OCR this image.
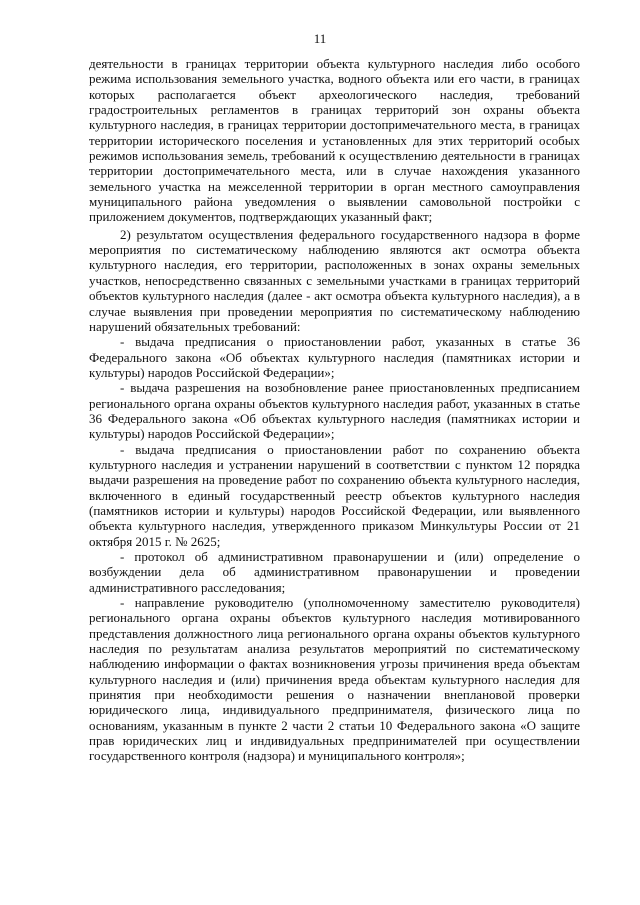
11

деятельности в границах территории объекта культурного наследия либо особого режима использования земельного участка, водного объекта или его части, в границах которых располагается объект археологического наследия, требований градостроительных регламентов в границах территорий зон охраны объекта культурного наследия, в границах территории достопримечательного места, в границах территории исторического поселения и установленных для этих территорий особых режимов использования земель, требований к осуществлению деятельности в границах территории достопримечательного места, или в случае нахождения указанного земельного участка на межселенной территории в орган местного самоуправления муниципального района уведомления о выявлении самовольной постройки с приложением документов, подтверждающих указанный факт;

2) результатом осуществления федерального государственного надзора в форме мероприятия по систематическому наблюдению являются акт осмотра объекта культурного наследия, его территории, расположенных в зонах охраны земельных участков, непосредственно связанных с земельными участками в границах территорий объектов культурного наследия (далее - акт осмотра объекта культурного наследия), а в случае выявления при проведении мероприятия по систематическому наблюдению нарушений обязательных требований:

- выдача предписания о приостановлении работ, указанных в статье 36 Федерального закона «Об объектах культурного наследия (памятниках истории и культуры) народов Российской Федерации»;

- выдача разрешения на возобновление ранее приостановленных предписанием регионального органа охраны объектов культурного наследия работ, указанных в статье 36 Федерального закона «Об объектах культурного наследия (памятниках истории и культуры) народов Российской Федерации»;

- выдача предписания о приостановлении работ по сохранению объекта культурного наследия и устранении нарушений в соответствии с пунктом 12 порядка выдачи разрешения на проведение работ по сохранению объекта культурного наследия, включенного в единый государственный реестр объектов культурного наследия (памятников истории и культуры) народов Российской Федерации, или выявленного объекта культурного наследия, утвержденного приказом Минкультуры России от 21 октября 2015 г. № 2625;

- протокол об административном правонарушении и (или) определение о возбуждении дела об административном правонарушении и проведении административного расследования;

- направление руководителю (уполномоченному заместителю руководителя) регионального органа охраны объектов культурного наследия мотивированного представления должностного лица регионального органа охраны объектов культурного наследия по результатам анализа результатов мероприятий по систематическому наблюдению информации о фактах возникновения угрозы причинения вреда объектам культурного наследия и (или) причинения вреда объектам культурного наследия для принятия при необходимости решения о назначении внеплановой проверки юридического лица, индивидуального предпринимателя, физического лица по основаниям, указанным в пункте 2 части 2 статьи 10 Федерального закона «О защите прав юридических лиц и индивидуальных предпринимателей при осуществлении государственного контроля (надзора) и муниципального контроля»;
